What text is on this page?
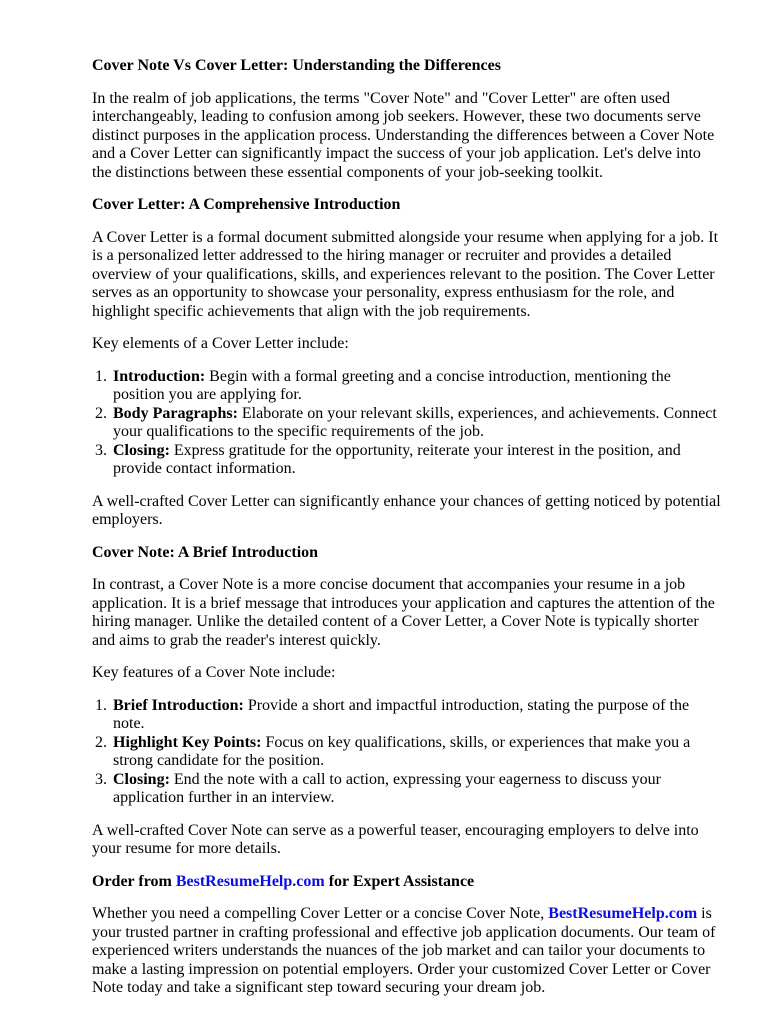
Cover Note Vs Cover Letter: Understanding the Differences

In the realm of job applications, the terms "Cover Note" and "Cover Letter" are often used interchangeably, leading to confusion among job seekers. However, these two documents serve distinct purposes in the application process. Understanding the differences between a Cover Note and a Cover Letter can significantly impact the success of your job application. Let's delve into the distinctions between these essential components of your job-seeking toolkit.

Cover Letter: A Comprehensive Introduction

A Cover Letter is a formal document submitted alongside your resume when applying for a job. It is a personalized letter addressed to the hiring manager or recruiter and provides a detailed overview of your qualifications, skills, and experiences relevant to the position. The Cover Letter serves as an opportunity to showcase your personality, express enthusiasm for the role, and highlight specific achievements that align with the job requirements.

Key elements of a Cover Letter include:

1. Introduction: Begin with a formal greeting and a concise introduction, mentioning the position you are applying for.
2. Body Paragraphs: Elaborate on your relevant skills, experiences, and achievements. Connect your qualifications to the specific requirements of the job.
3. Closing: Express gratitude for the opportunity, reiterate your interest in the position, and provide contact information.

A well-crafted Cover Letter can significantly enhance your chances of getting noticed by potential employers.

Cover Note: A Brief Introduction

In contrast, a Cover Note is a more concise document that accompanies your resume in a job application. It is a brief message that introduces your application and captures the attention of the hiring manager. Unlike the detailed content of a Cover Letter, a Cover Note is typically shorter and aims to grab the reader's interest quickly.

Key features of a Cover Note include:

1. Brief Introduction: Provide a short and impactful introduction, stating the purpose of the note.
2. Highlight Key Points: Focus on key qualifications, skills, or experiences that make you a strong candidate for the position.
3. Closing: End the note with a call to action, expressing your eagerness to discuss your application further in an interview.

A well-crafted Cover Note can serve as a powerful teaser, encouraging employers to delve into your resume for more details.

Order from BestResumeHelp.com for Expert Assistance

Whether you need a compelling Cover Letter or a concise Cover Note, BestResumeHelp.com is your trusted partner in crafting professional and effective job application documents. Our team of experienced writers understands the nuances of the job market and can tailor your documents to make a lasting impression on potential employers. Order your customized Cover Letter or Cover Note today and take a significant step toward securing your dream job.
